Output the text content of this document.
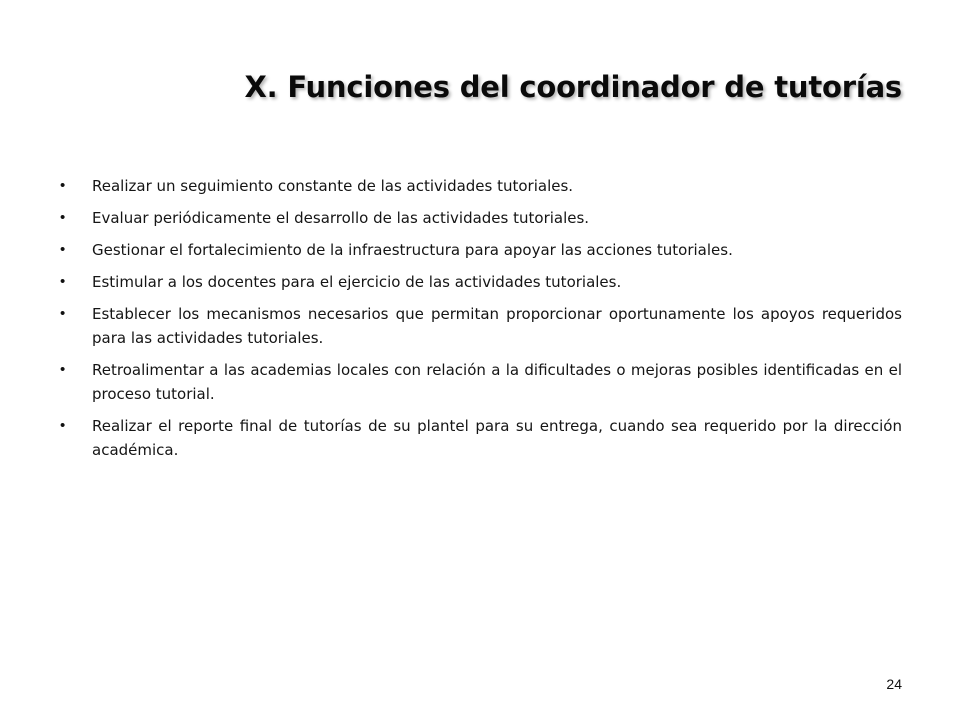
X. Funciones del coordinador de tutorías
•	Realizar un seguimiento constante de las actividades tutoriales.
•	Evaluar periódicamente el desarrollo de las actividades tutoriales.
•	Gestionar el fortalecimiento de la infraestructura para apoyar las acciones tutoriales.
•	Estimular a los docentes para el ejercicio de las actividades tutoriales.
•	Establecer los mecanismos necesarios que permitan proporcionar oportunamente los apoyos requeridos para las actividades tutoriales.
•	Retroalimentar a las academias locales con relación a la dificultades o mejoras posibles identificadas en el proceso tutorial.
•	Realizar el reporte final de tutorías de su plantel para su entrega, cuando sea requerido por la dirección académica.
24
